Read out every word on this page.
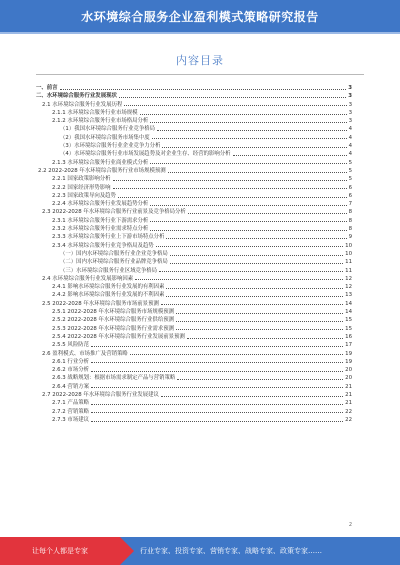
水环境综合服务企业盈利模式策略研究报告
内容目录
一、前言	3
二、水环境综合服务行业发展现状	3
2.1 水环境综合服务行业发展历程	3
2.1.1 水环境综合服务行业市场规模	3
2.1.2 水环境综合服务行业市场格局分析	3
（1）我国水环境综合服务行业竞争格局	4
（2）我国水环境综合服务市场集中度	4
（3）水环境综合服务行业企业竞争力分析	4
（4）水环境综合服务行业市场发展趋势及对企业生存、经营的影响分析	4
2.1.3 水环境综合服务行业商业模式分析	5
2.2 2022-2028 年水环境综合服务行业市场规模预测	5
2.2.1 国家政策影响分析	5
2.2.2 国家经济形势影响	6
2.2.3 国家政策导向及趋势	6
2.2.4 水环境综合服务行业发展趋势分析	7
2.3 2022-2028 年水环境综合服务行业前景及竞争格局分析	8
2.3.1 水环境综合服务行业下游需求分析	8
2.3.2 水环境综合服务行业需求特点分析	8
2.3.3 水环境综合服务行业上下游市场特点分析	9
2.3.4 水环境综合服务行业竞争格局及趋势	10
（一）国内水环境综合服务行业企业竞争格局	10
（二）国内水环境综合服务行业品牌竞争格局	11
（三）水环境综合服务行业区域竞争格局	11
2.4 水环境综合服务行业发展影响因素	12
2.4.1 影响水环境综合服务行业发展的有利因素	12
2.4.2 影响水环境综合服务行业发展的不利因素	13
2.5 2022-2028 年水环境综合服务市场前景预测	14
2.5.1 2022-2028 年水环境综合服务市场规模预测	14
2.5.2 2022-2028 年水环境综合服务行业供给预测	15
2.5.3 2022-2028 年水环境综合服务行业需求预测	15
2.5.4 2022-2028 年水环境综合服务行业发展前景预测	16
2.5.5 风险防范	17
2.6 盈利模式、市场推广及营销策略	19
2.6.1 行业分析	19
2.6.2 市场分析	20
2.6.3 战略规划：根据市场需求制定产品与营销策略	20
2.6.4 营销方案	21
2.7 2022-2028 年水环境综合服务行业发展建议	21
2.7.1 产品策略	21
2.7.2 营销策略	22
2.7.3 市场建议	22
2
让每个人都是专家	行业专家、投资专家、营销专家、战略专家、政策专家……
